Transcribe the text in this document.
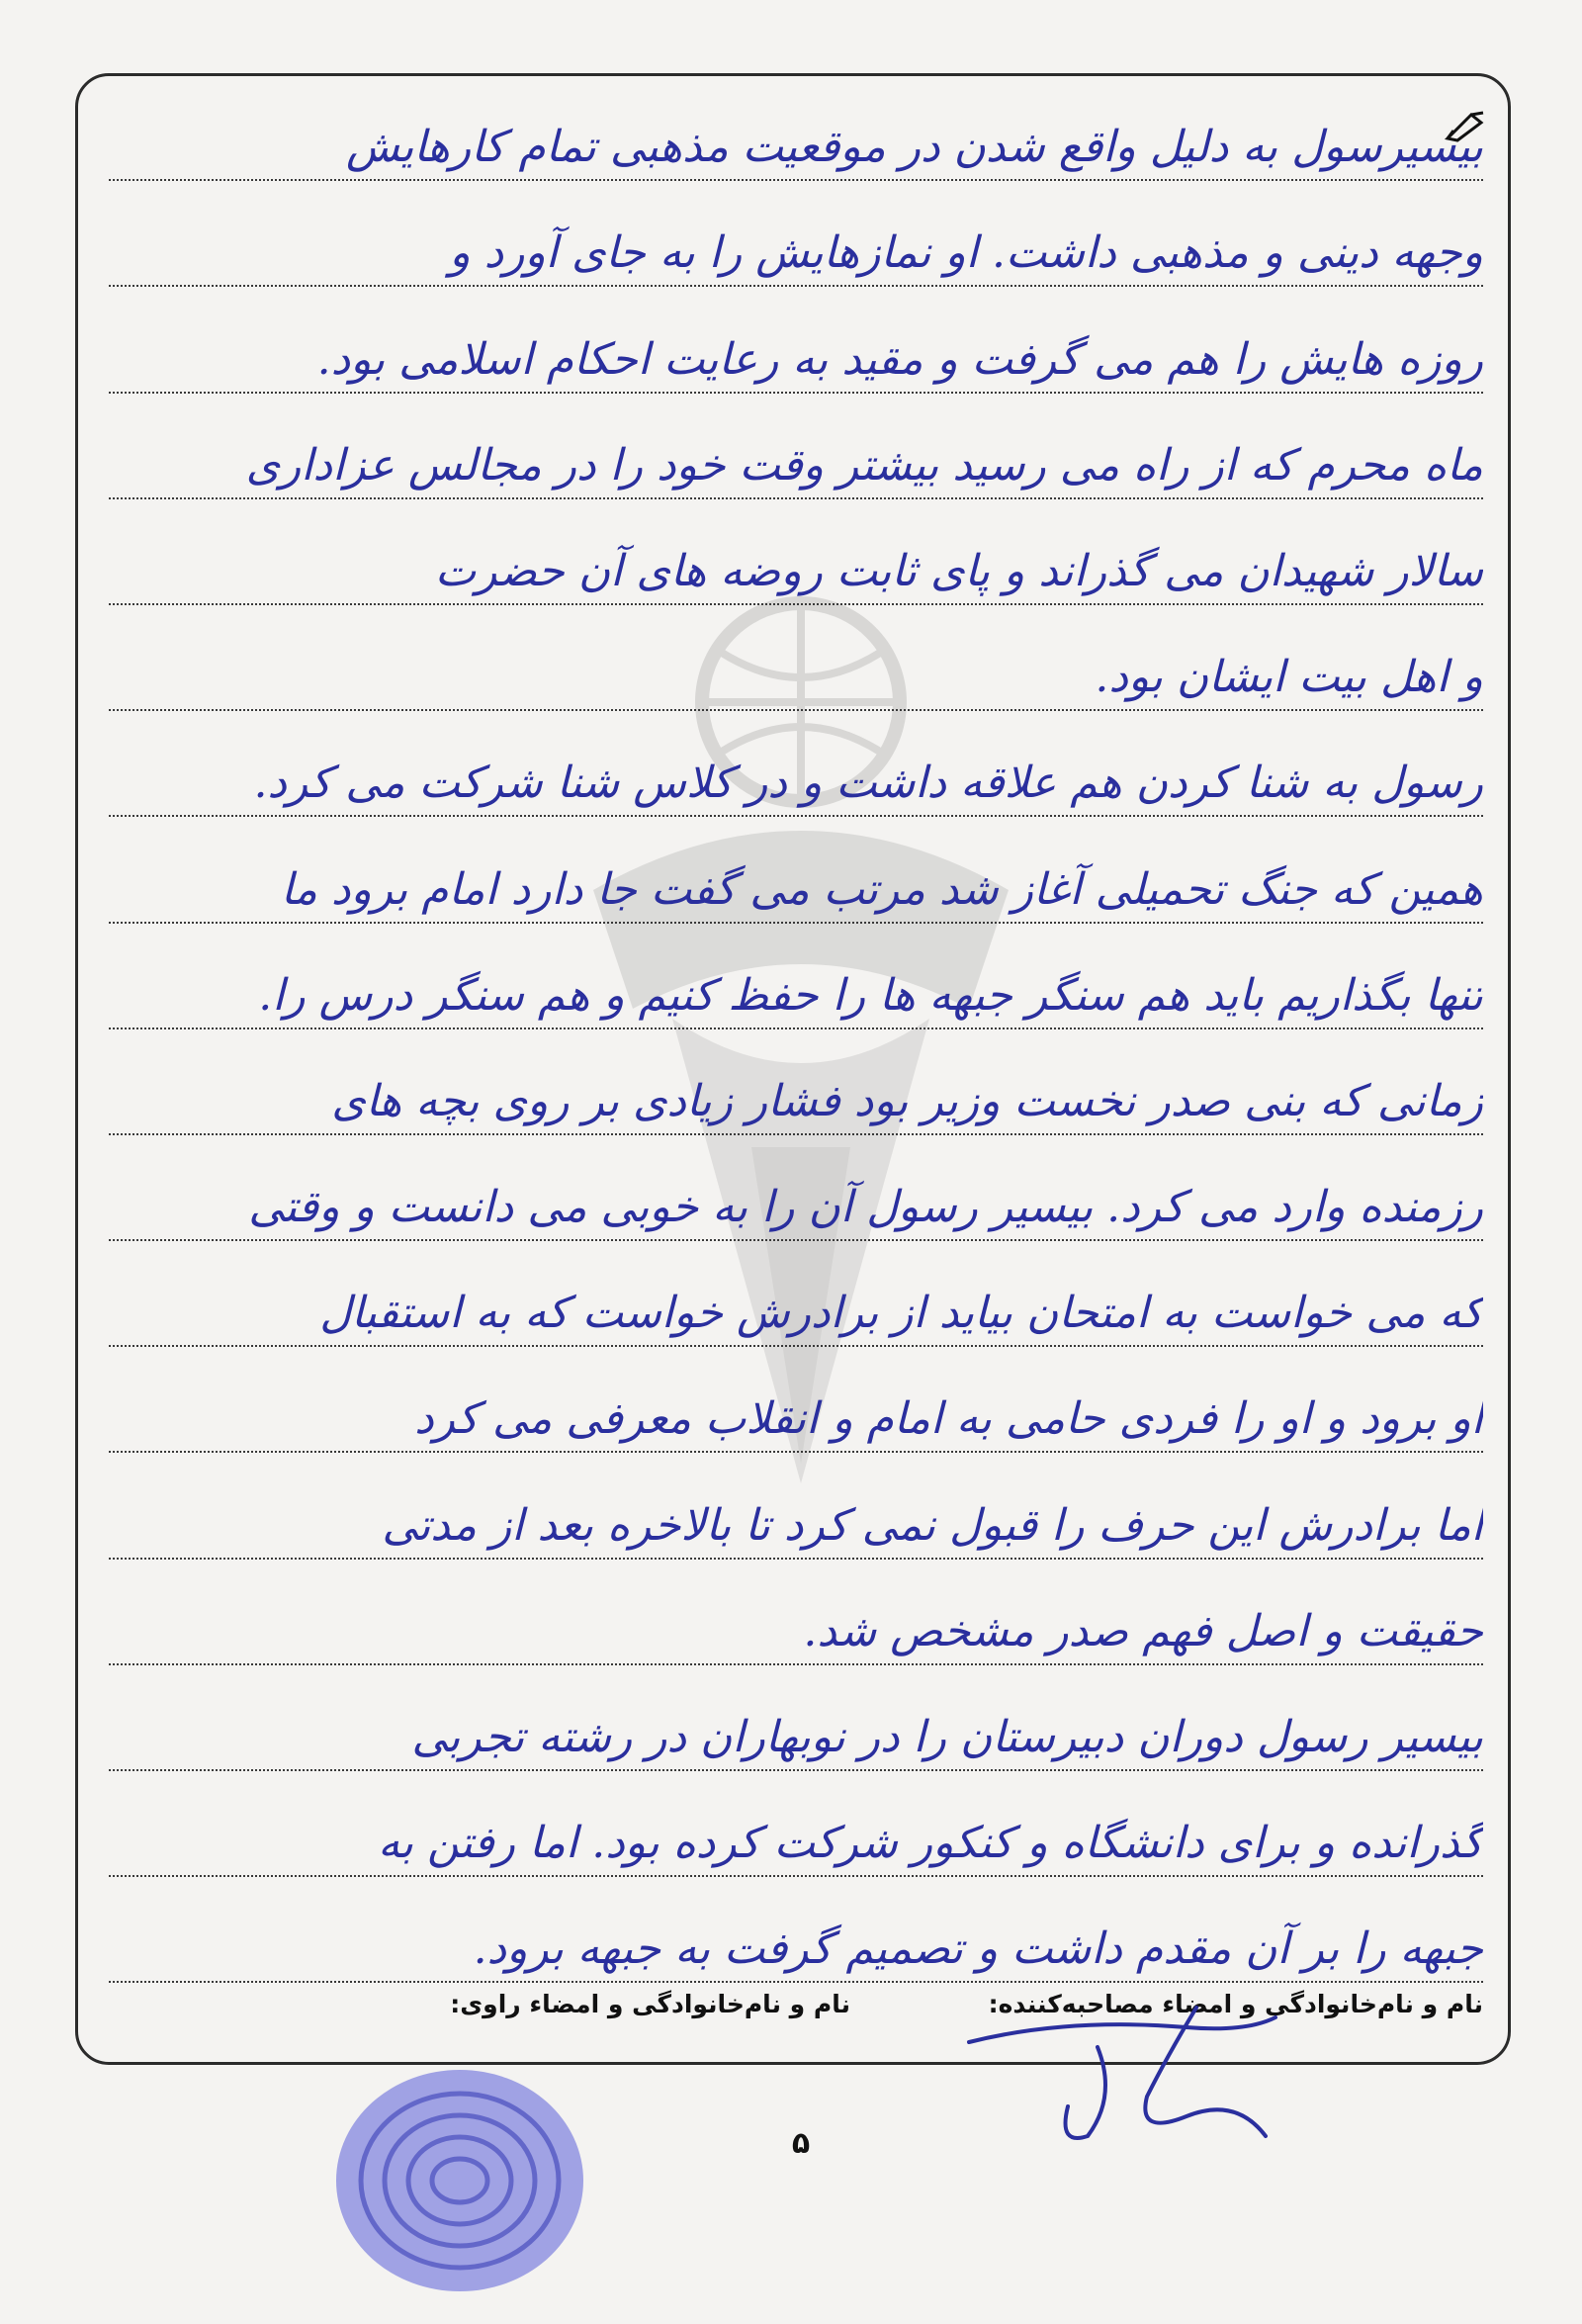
بیسیرسول به دلیل واقع شدن در موقعیت مذهبی تمام کارهایش
وجهه دینی و مذهبی داشت. او نمازهایش را به جای آورد و
روزه هایش را هم می گرفت و مقید به رعایت احکام اسلامی بود.
ماه محرم که از راه می رسید بیشتر وقت خود را در مجالس عزاداری
سالار شهیدان می گذراند و پای ثابت روضه های آن حضرت
و اهل بیت ایشان بود.
رسول به شنا کردن هم علاقه داشت و در کلاس شنا شرکت می کرد.
همین که جنگ تحمیلی آغاز شد مرتب می گفت جا دارد امام برود ما
تنها بگذاریم باید هم سنگر جبهه ها را حفظ کنیم و هم سنگر درس را.
زمانی که بنی صدر نخست وزیر بود فشار زیادی بر روی بچه های
رزمنده وارد می کرد. بیسیر رسول آن را به خوبی می دانست و وقتی
که می خواست به امتحان بیاید از برادرش خواست که به استقبال
او برود و او را فردی حامی به امام و انقلاب معرفی می کرد
اما برادرش این حرف را قبول نمی کرد تا بالاخره بعد از مدتی
حقیقت و اصل فهم صدر مشخص شد.
بیسیر رسول دوران دبیرستان را در نوبهاران در رشته تجربی
گذرانده و برای دانشگاه و کنکور شرکت کرده بود. اما رفتن به
جبهه را بر آن مقدم داشت و تصمیم گرفت به جبهه برود.
نام و نام‌خانوادگی و امضاء مصاحبه‌کننده:
نام و نام‌خانوادگی و امضاء راوی:
۵
